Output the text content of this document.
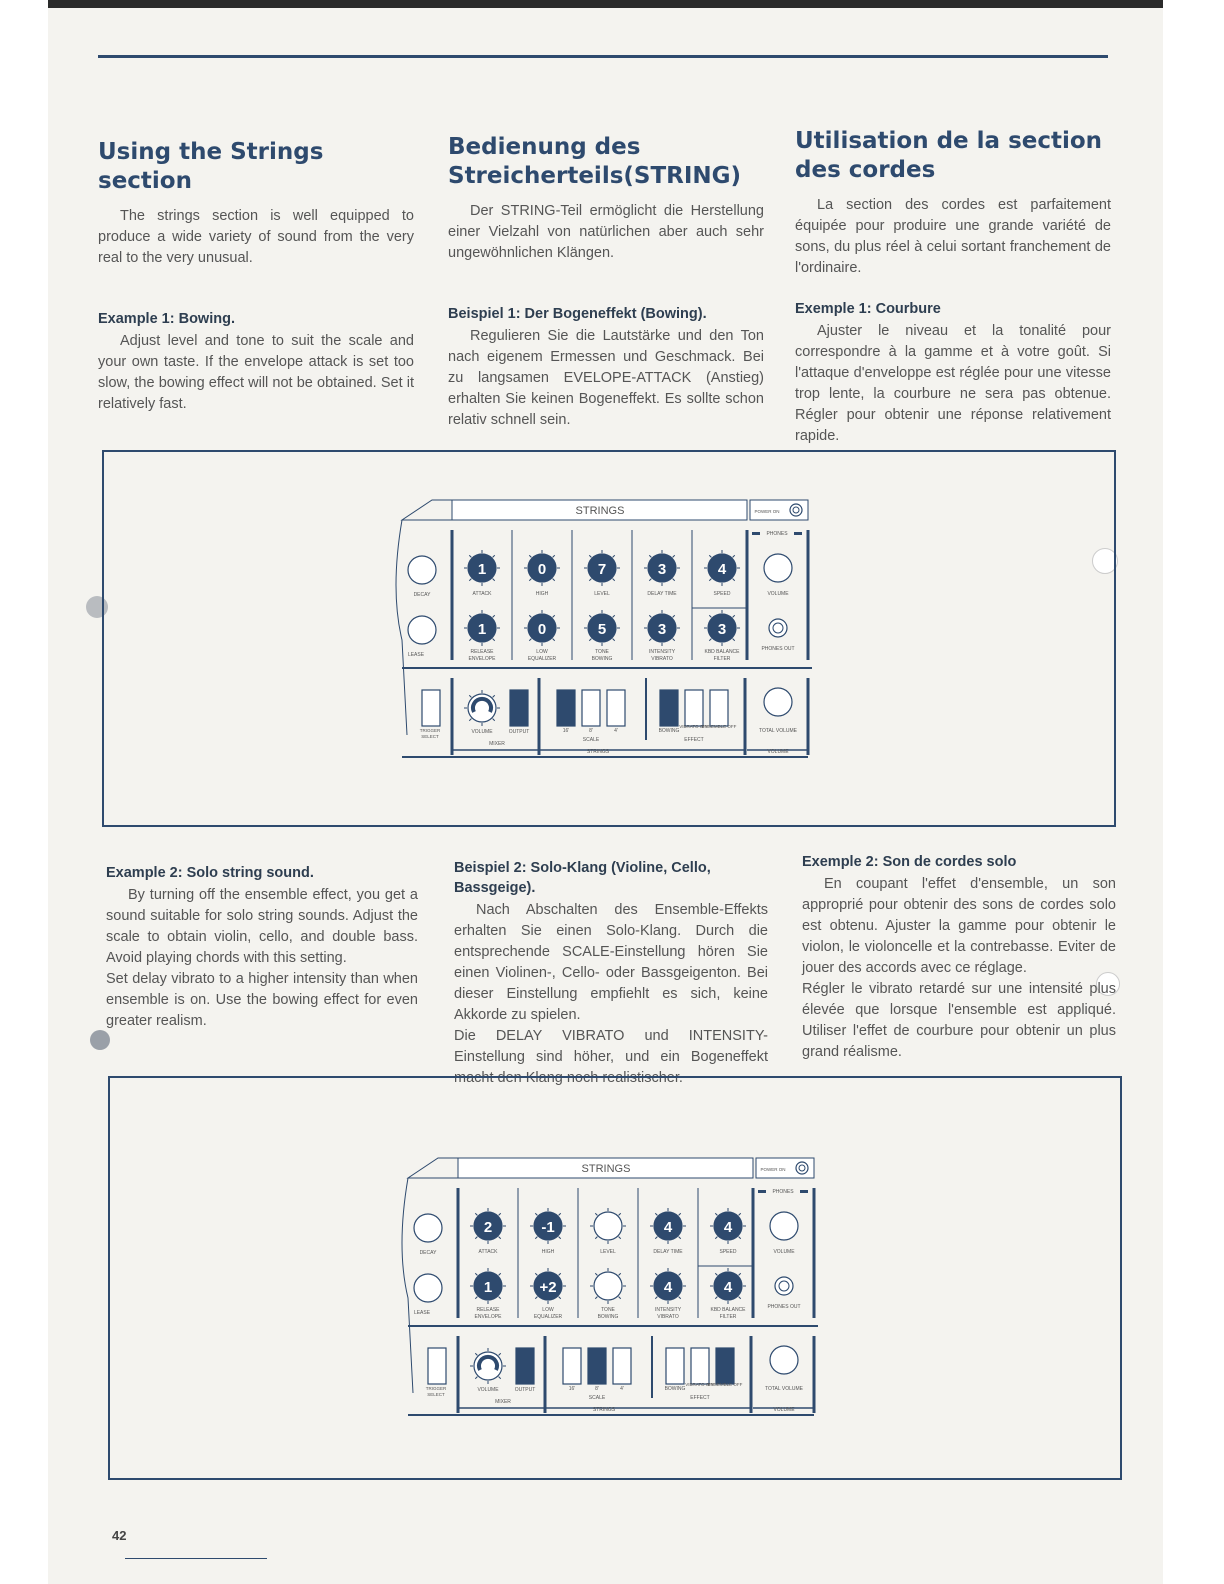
Using the Strings section

The strings section is well equipped to produce a wide variety of sound from the very real to the very unusual.

Example 1: Bowing.

Adjust level and tone to suit the scale and your own taste. If the envelope attack is set too slow, the bowing effect will not be obtained. Set it relatively fast.

Bedienung des Streicherteils(STRING)

Der STRING-Teil ermöglicht die Herstellung einer Vielzahl von natürlichen aber auch sehr ungewöhnlichen Klängen.

Beispiel 1: Der Bogeneffekt (Bowing).

Regulieren Sie die Lautstärke und den Ton nach eigenem Ermessen und Geschmack. Bei zu langsamen EVELOPE-ATTACK (Anstieg) erhalten Sie keinen Bogeneffekt. Es sollte schon relativ schnell sein.

Utilisation de la section des cordes

La section des cordes est parfaitement équipée pour produire une grande variété de sons, du plus réel à celui sortant franchement de l'ordinaire.

Exemple 1: Courbure

Ajuster le niveau et la tonalité pour correspondre à la gamme et à votre goût. Si l'attaque d'enveloppe est réglée pour une vitesse trop lente, la courbure ne sera pas obtenue. Régler pour obtenir une réponse relativement rapide.

STRINGS	POWER ON
PHONES
DECAY
1
ATTACK
0
HIGH
7
LEVEL
3
DELAY TIME
4
SPEED	VOLUME
LEASE
1
RELEASE
ENVELOPE
0
LOW
EQUALIZER
5
TONE
BOWING
3
INTENSITY
VIBRATO
3
KBD BALANCE
FILTER
PHONES OUT
TRIGGER
SELECT
VOLUME	OUTPUT
MIXER
16'	8'	4'
SCALE
BOWING
VIBRATO OFF
ENSEMBLE OFF
EFFECT
TOTAL VOLUME
STRINGS	VOLUME

Example 2: Solo string sound.

By turning off the ensemble effect, you get a sound suitable for solo string sounds. Adjust the scale to obtain violin, cello, and double bass. Avoid playing chords with this setting.

Set delay vibrato to a higher intensity than when ensemble is on. Use the bowing effect for even greater realism.

Beispiel 2: Solo-Klang (Violine, Cello, Bassgeige).

Nach Abschalten des Ensemble-Effekts erhalten Sie einen Solo-Klang. Durch die entsprechende SCALE-Einstellung hören Sie einen Violinen-, Cello- oder Bassgeigenton. Bei dieser Einstellung empfiehlt es sich, keine Akkorde zu spielen.

Die DELAY VIBRATO und INTENSITY-Einstellung sind höher, und ein Bogeneffekt macht den Klang noch realistischer.

Exemple 2: Son de cordes solo

En coupant l'effet d'ensemble, un son approprié pour obtenir des sons de cordes solo est obtenu. Ajuster la gamme pour obtenir le violon, le violoncelle et la contrebasse. Eviter de jouer des accords avec ce réglage.

Régler le vibrato retardé sur une intensité plus élevée que lorsque l'ensemble est appliqué. Utiliser l'effet de courbure pour obtenir un plus grand réalisme.

STRINGS	POWER ON
PHONES
DECAY
2
ATTACK
-1
HIGH	LEVEL
4
DELAY TIME
4
SPEED	VOLUME
LEASE
1
RELEASE
ENVELOPE
+2
LOW
EQUALIZER
TONE
BOWING
4
INTENSITY
VIBRATO
4
KBD BALANCE
FILTER
PHONES OUT
TRIGGER
SELECT
VOLUME	OUTPUT
MIXER
16'	8'	4'
SCALE
BOWING
VIBRATO OFF
ENSEMBLE OFF
EFFECT
TOTAL VOLUME
STRINGS	VOLUME
42
